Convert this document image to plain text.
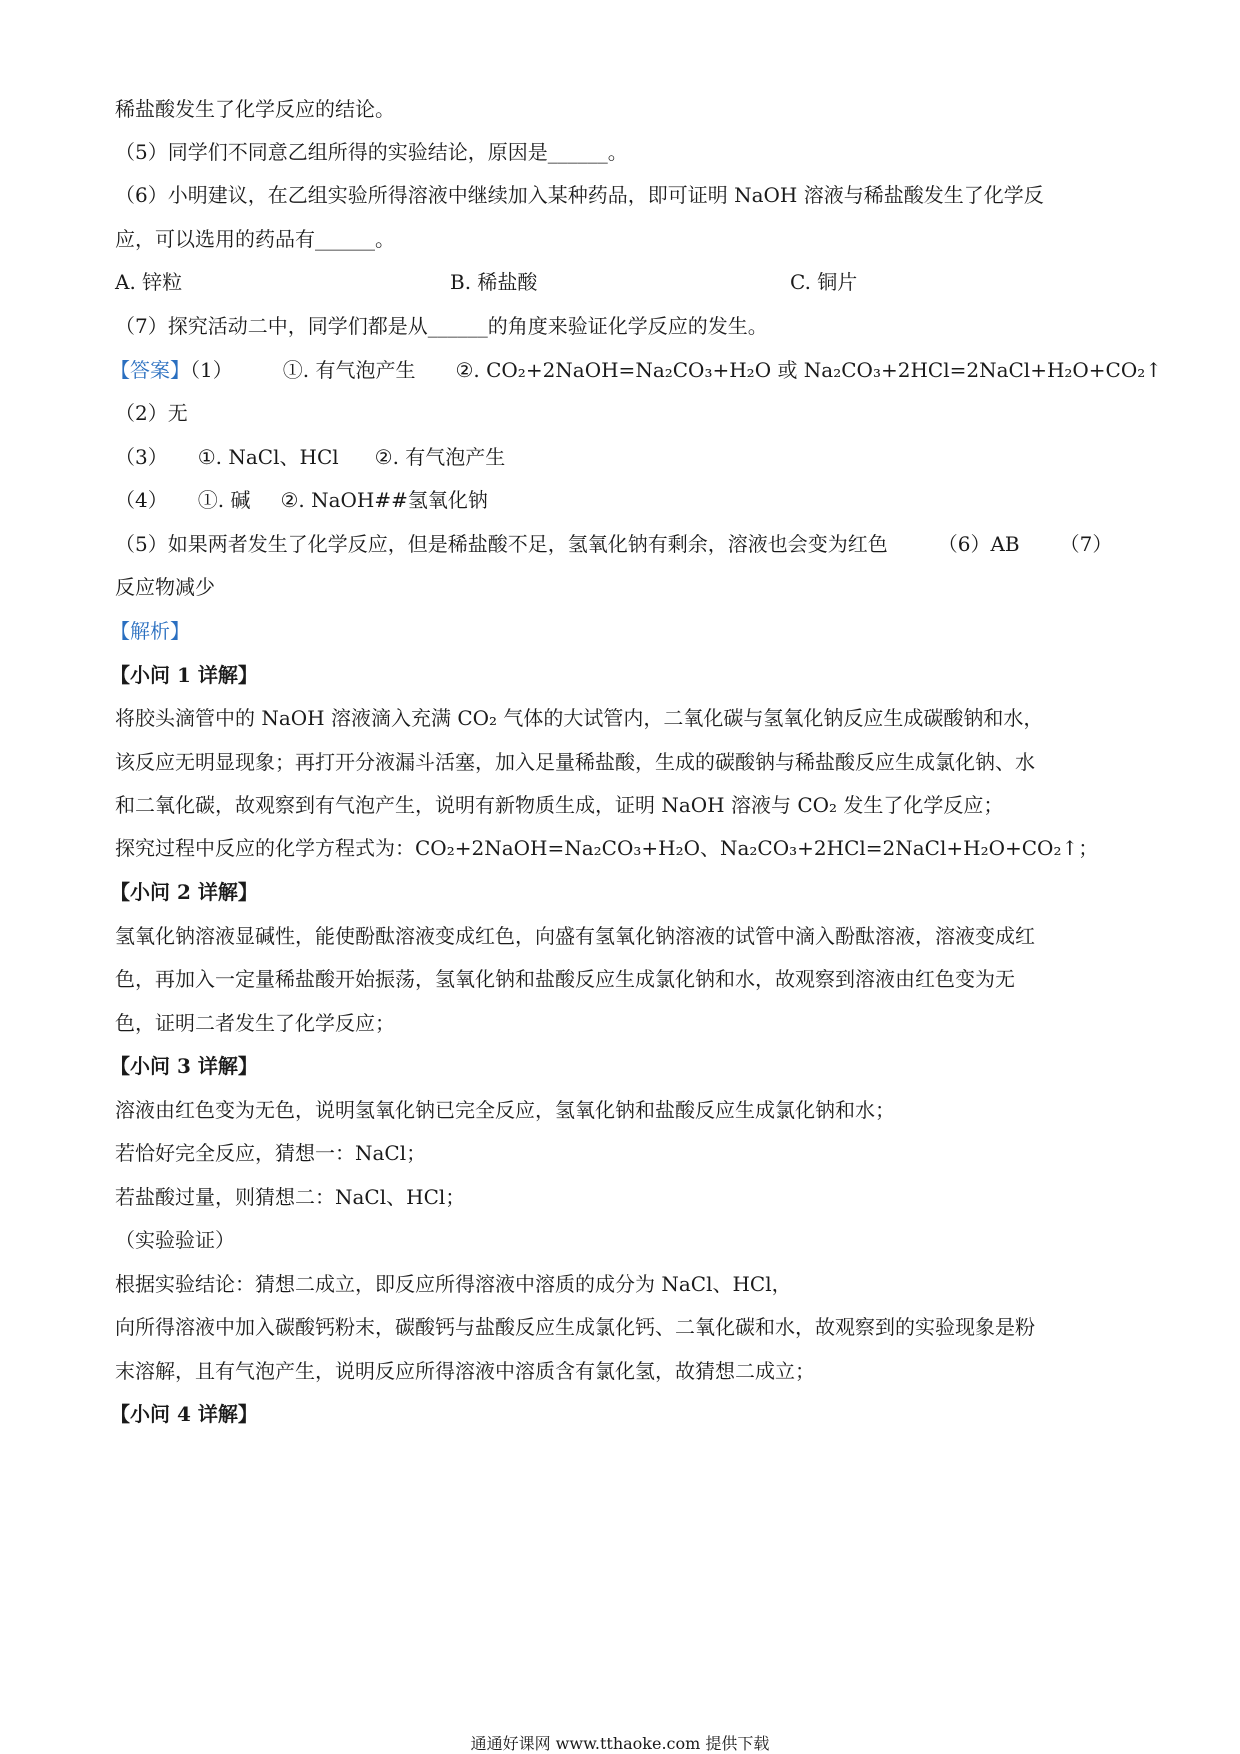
稀盐酸发生了化学反应的结论。
（5）同学们不同意乙组所得的实验结论，原因是______。
（6）小明建议，在乙组实验所得溶液中继续加入某种药品，即可证明 NaOH 溶液与稀盐酸发生了化学反
应，可以选用的药品有______。
A. 锌粒	B. 稀盐酸	C. 铜片
（7）探究活动二中，同学们都是从______的角度来验证化学反应的发生。
【答案】（1）	①. 有气泡产生 ②. CO₂+2NaOH=Na₂CO₃+H₂O 或 Na₂CO₃+2HCl=2NaCl+H₂O+CO₂↑
（2）无
（3） ①. NaCl、HCl ②. 有气泡产生
（4） ①. 碱 ②. NaOH##氢氧化钠
（5）如果两者发生了化学反应，但是稀盐酸不足，氢氧化钠有剩余，溶液也会变为红色	（6）AB （7）
反应物减少
【解析】
【小问 1 详解】
将胶头滴管中的 NaOH 溶液滴入充满 CO₂ 气体的大试管内，二氧化碳与氢氧化钠反应生成碳酸钠和水，
该反应无明显现象；再打开分液漏斗活塞，加入足量稀盐酸，生成的碳酸钠与稀盐酸反应生成氯化钠、水
和二氧化碳，故观察到有气泡产生，说明有新物质生成，证明 NaOH 溶液与 CO₂ 发生了化学反应；
探究过程中反应的化学方程式为：CO₂+2NaOH=Na₂CO₃+H₂O、Na₂CO₃+2HCl=2NaCl+H₂O+CO₂↑；
【小问 2 详解】
氢氧化钠溶液显碱性，能使酚酞溶液变成红色，向盛有氢氧化钠溶液的试管中滴入酚酞溶液，溶液变成红
色，再加入一定量稀盐酸开始振荡，氢氧化钠和盐酸反应生成氯化钠和水，故观察到溶液由红色变为无
色，证明二者发生了化学反应；
【小问 3 详解】
溶液由红色变为无色，说明氢氧化钠已完全反应，氢氧化钠和盐酸反应生成氯化钠和水；
若恰好完全反应，猜想一：NaCl；
若盐酸过量，则猜想二：NaCl、HCl；
（实验验证）
根据实验结论：猜想二成立，即反应所得溶液中溶质的成分为 NaCl、HCl，
向所得溶液中加入碳酸钙粉末，碳酸钙与盐酸反应生成氯化钙、二氧化碳和水，故观察到的实验现象是粉
末溶解，且有气泡产生，说明反应所得溶液中溶质含有氯化氢，故猜想二成立；
【小问 4 详解】
通通好课网 www.tthaoke.com 提供下载
